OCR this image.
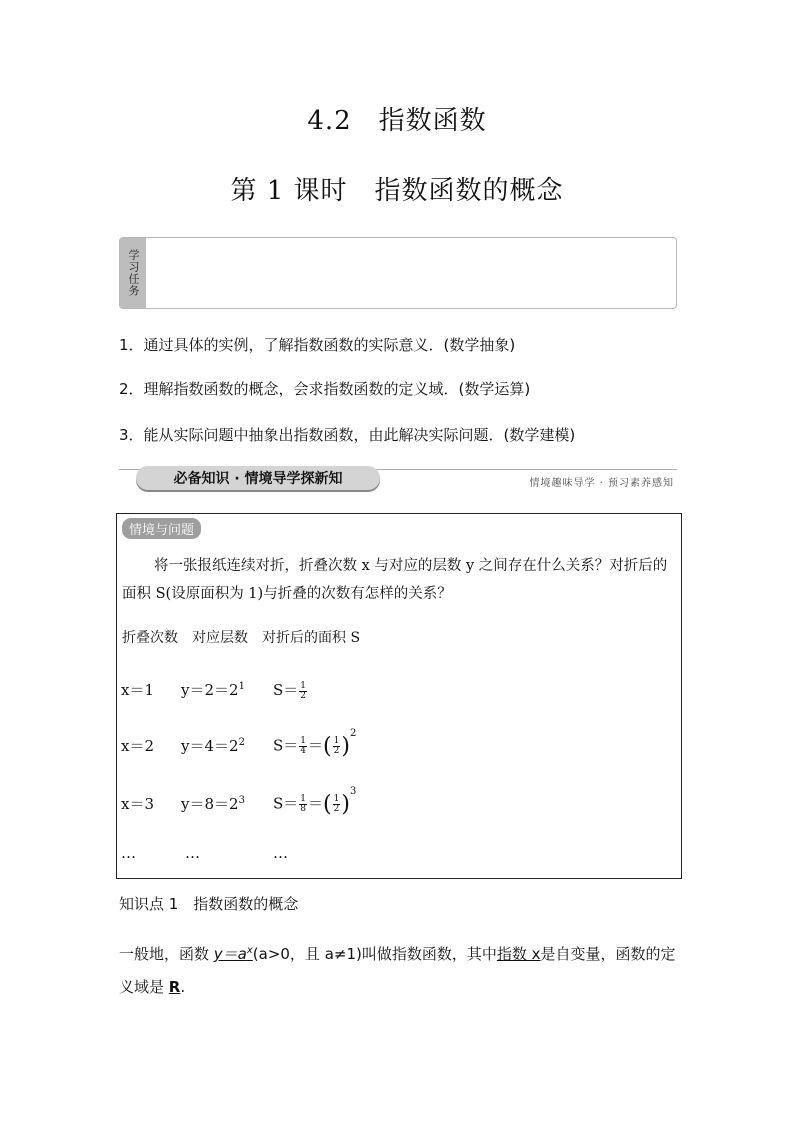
4.2　指数函数
第 1 课时　指数函数的概念
学习任务
1．通过具体的实例，了解指数函数的实际意义．(数学抽象)
2．理解指数函数的概念，会求指数函数的定义域．(数学运算)
3．能从实际问题中抽象出指数函数，由此解决实际问题．(数学建模)
必备知识 · 情境导学探新知	情境趣味导学 · 预习素养感知
情境与问题
将一张报纸连续对折，折叠次数 x 与对应的层数 y 之间存在什么关系？对折后的面积 S(设原面积为 1)与折叠的次数有怎样的关系？
折叠次数　对应层数　对折后的面积 S
x＝1 $y=2=2^1$ $S= \frac{1}{2}$
x＝2 $y=4=2^2$ $S= \frac{1}{4}$ ＝( $\frac{1}{2} )^2$
x＝3 $y=8=2^3$ $S= \frac{1}{8}$ ＝( $\frac{1}{2} )^3$
…	…	…
知识点 1　指数函数的概念
一般地，函数 $y=a^x(a>0$，且 a≠1)叫做指数函数，其中指数 x是自变量，函数的定义域是 R.
